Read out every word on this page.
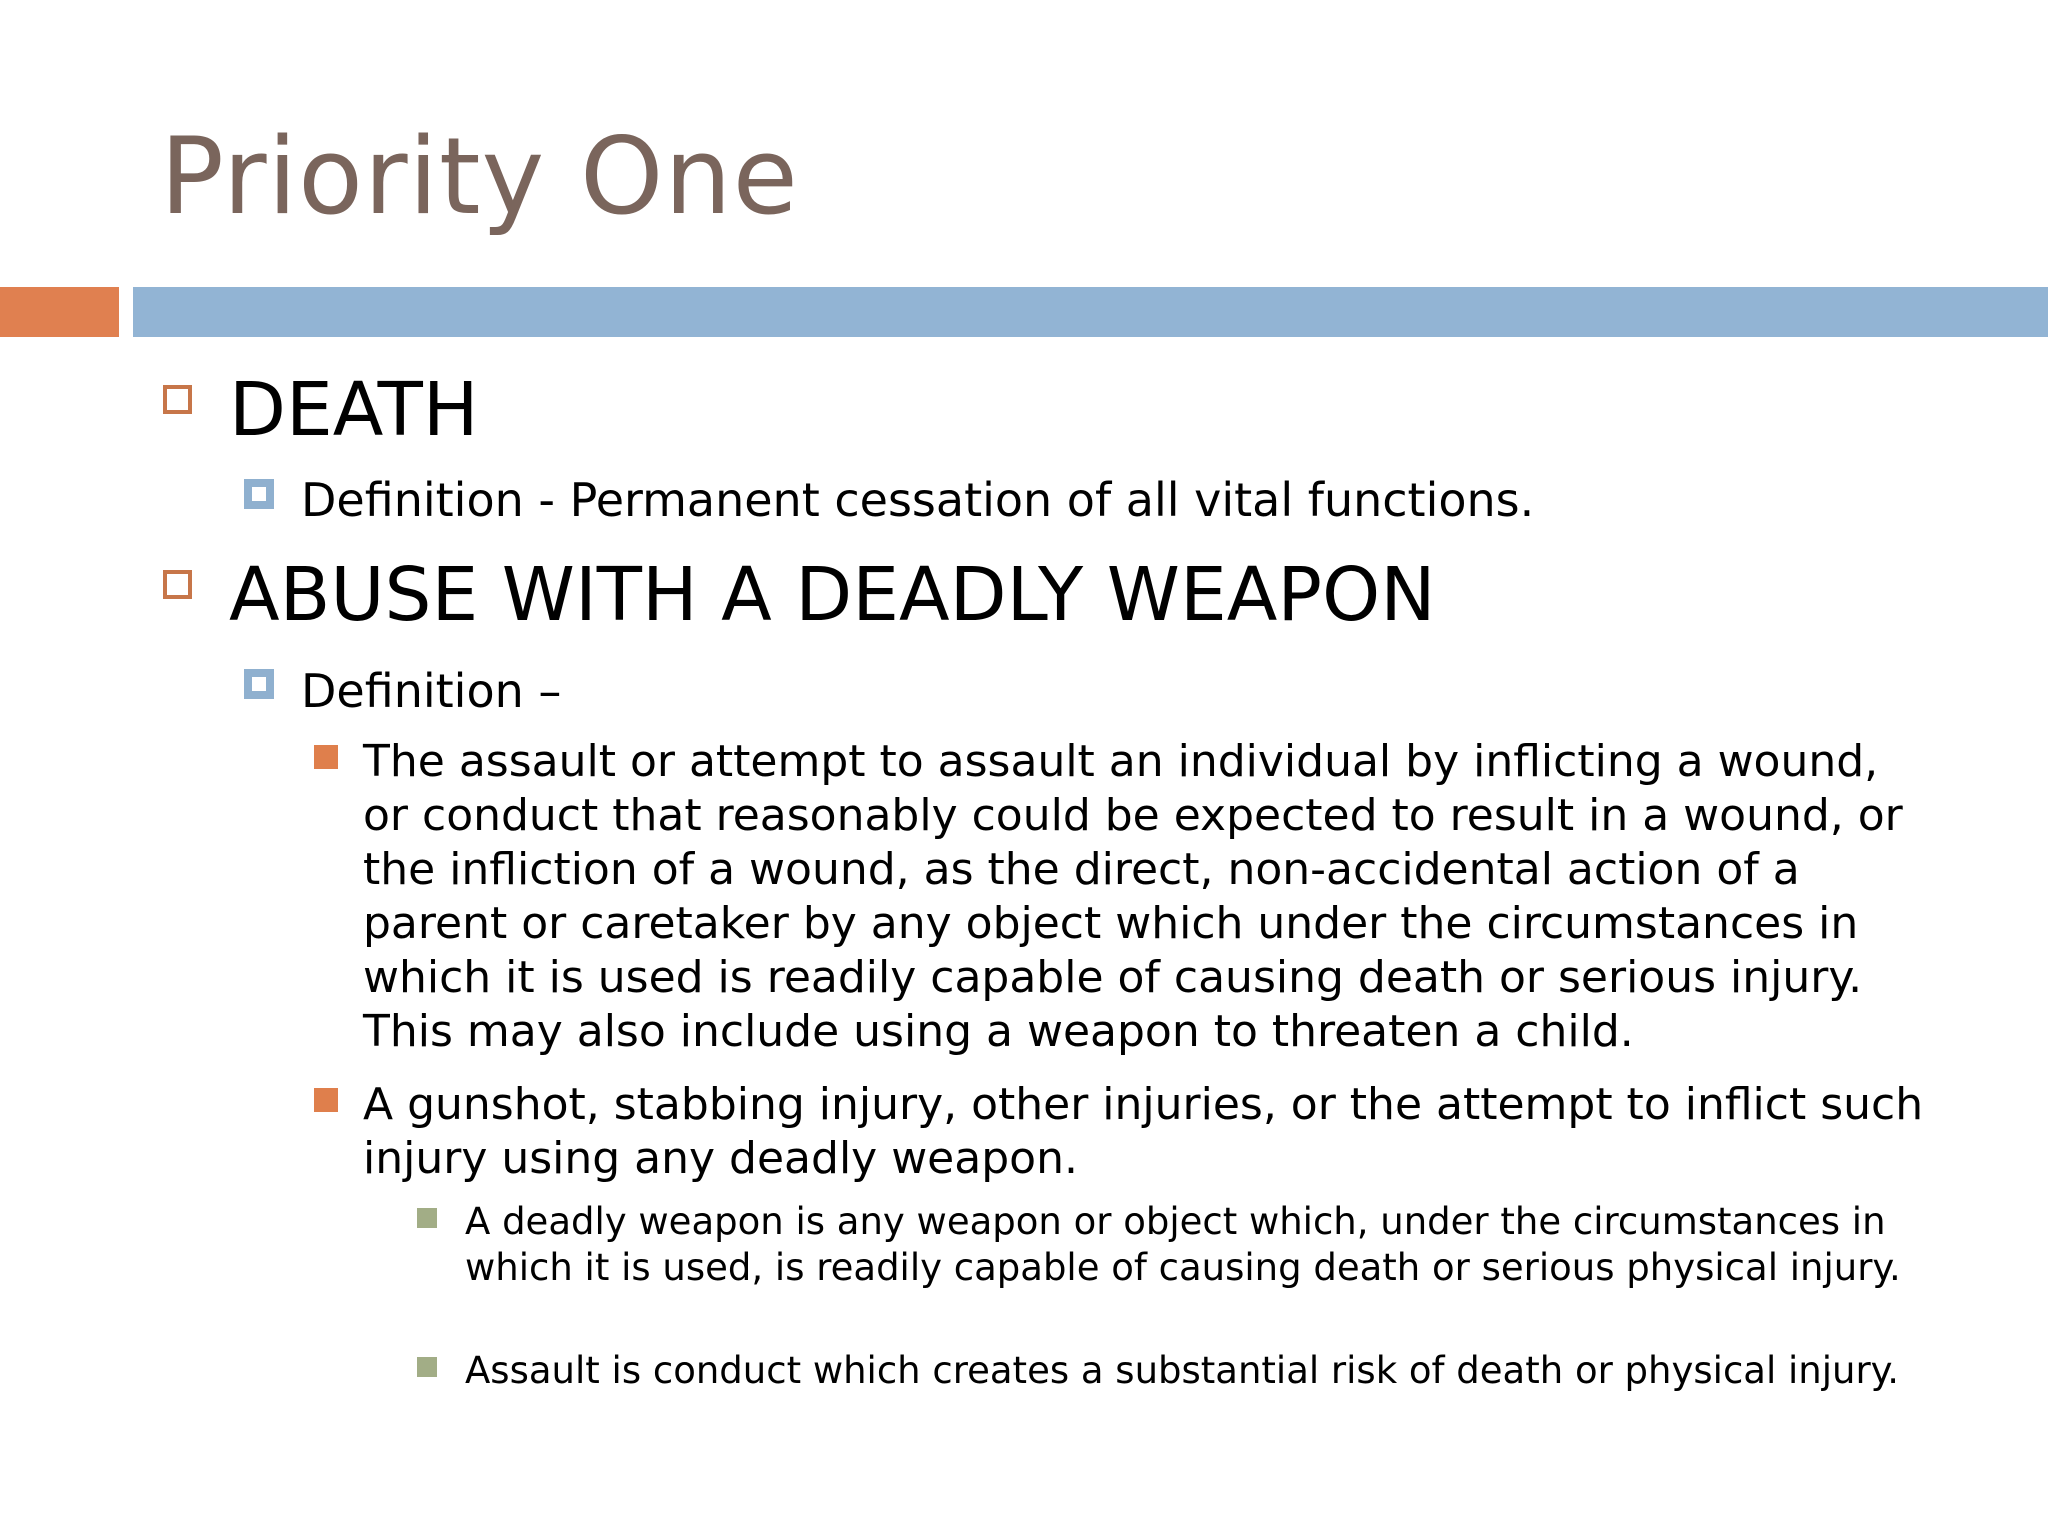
Priority One
DEATH
Definition - Permanent cessation of all vital functions.
ABUSE WITH A DEADLY WEAPON
Definition –
The assault or attempt to assault an individual by inflicting a wound, or conduct that reasonably could be expected to result in a wound, or the infliction of a wound, as the direct, non-accidental action of a parent or caretaker by any object which under the circumstances in which it is used is readily capable of causing death or serious injury. This may also include using a weapon to threaten a child.
A gunshot, stabbing injury, other injuries, or the attempt to inflict such injury using any deadly weapon.
A deadly weapon is any weapon or object which, under the circumstances in which it is used, is readily capable of causing death or serious physical injury.
Assault is conduct which creates a substantial risk of death or physical injury.
